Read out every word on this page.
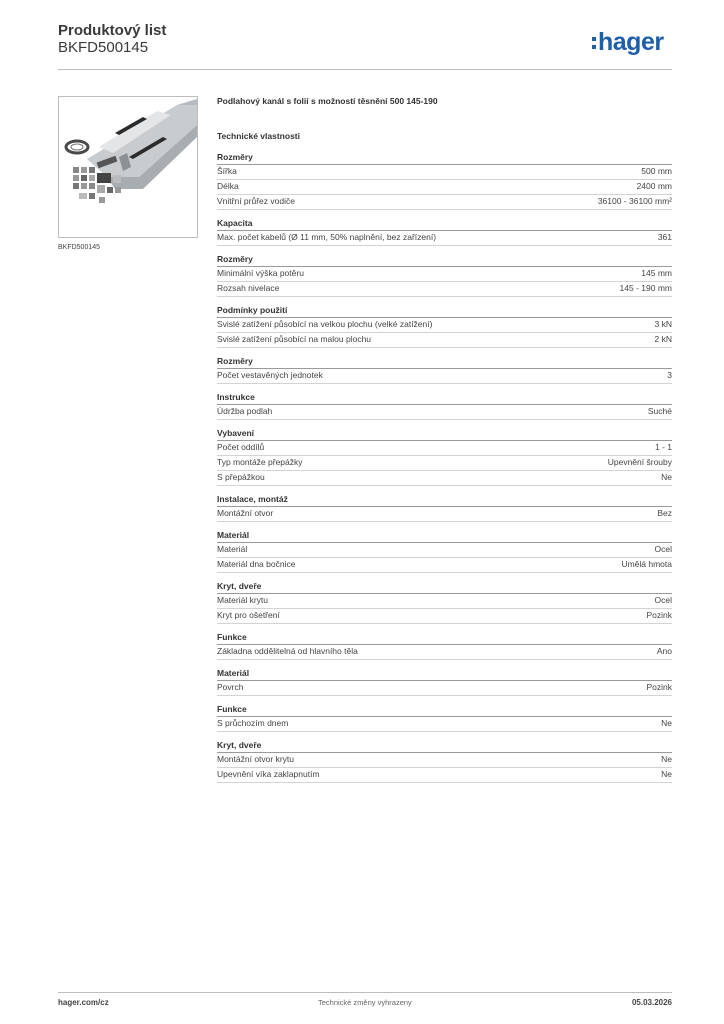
Produktový list
BKFD500145	hager
BKFD500145
Podlahový kanál s folií s možností těsnění 500 145-190
Technické vlastnosti
Rozměry
Šířka	500 mm
Délka	2400 mm
Vnitřní průřez vodiče	36100 - 36100 mm²
Kapacita
Max. počet kabelů (Ø 11 mm, 50% naplnění, bez zařízení)	361
Rozměry
Minimální výška potěru	145 mm
Rozsah nivelace	145 - 190 mm
Podmínky použití
Svislé zatížení působící na velkou plochu (velké zatížení)	3 kN
Svislé zatížení působící na malou plochu	2 kN
Rozměry
Počet vestavěných jednotek	3
Instrukce
Údržba podlah	Suché
Vybavení
Počet oddílů	1 - 1
Typ montáže přepážky	Upevnění šrouby
S přepážkou	Ne
Instalace, montáž
Montážní otvor	Bez
Materiál
Materiál	Ocel
Materiál dna bočnice	Umělá hmota
Kryt, dveře
Materiál krytu	Ocel
Kryt pro ošetření	Pozink
Funkce
Základna oddělitelná od hlavního těla	Ano
Materiál
Povrch	Pozink
Funkce
S průchozím dnem	Ne
Kryt, dveře
Montážní otvor krytu	Ne
Upevnění víka zaklapnutím	Ne
hager.com/cz	Technické změny vyhrazeny	05.03.2026
